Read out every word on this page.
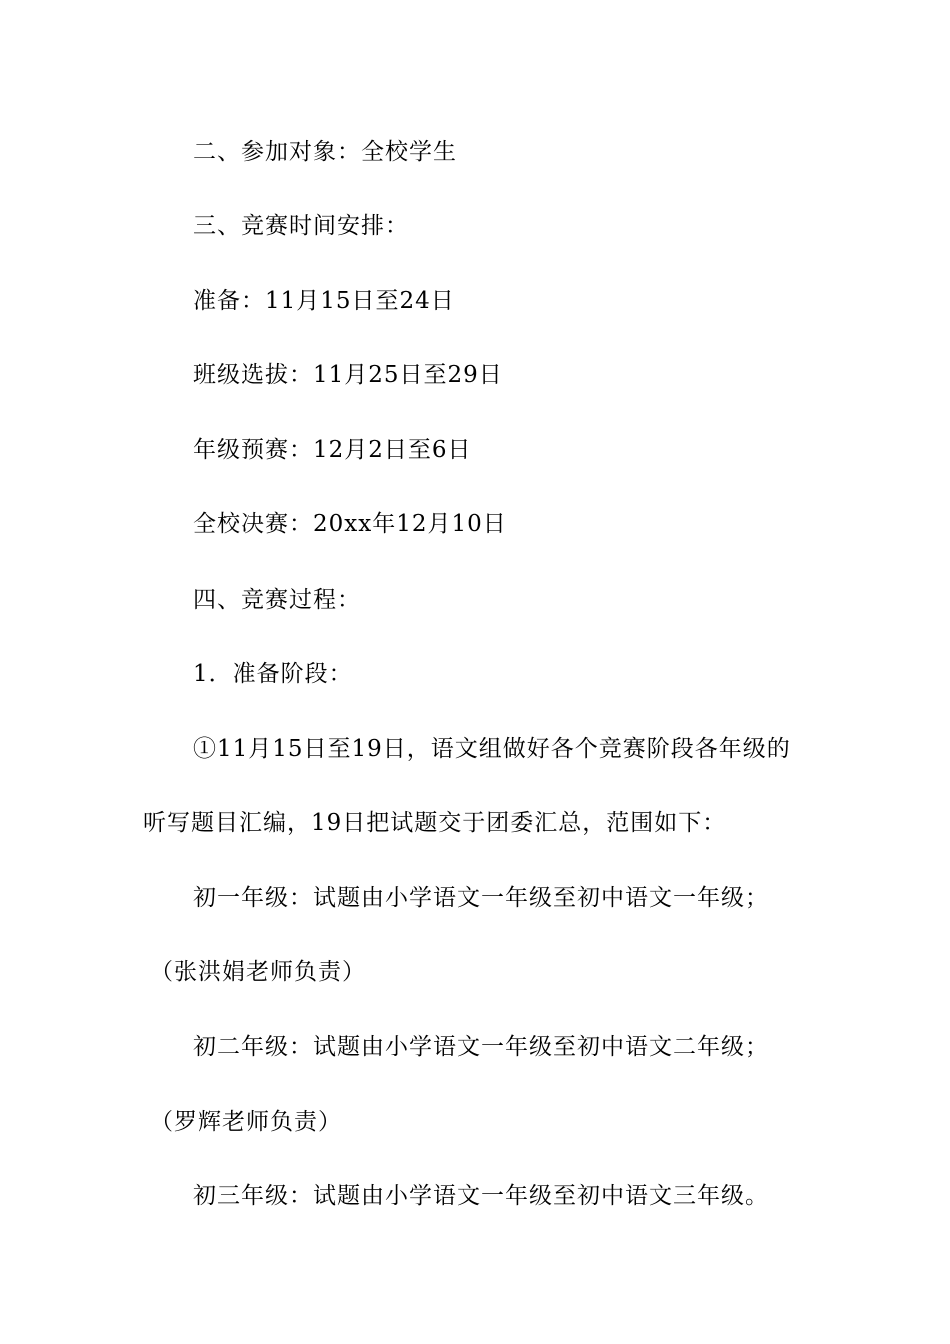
二、参加对象：全校学生
三、竞赛时间安排：
准备：11月15日至24日
班级选拔：11月25日至29日
年级预赛：12月2日至6日
全校决赛：20xx年12月10日
四、竞赛过程：
1．准备阶段：
①11月15日至19日，语文组做好各个竞赛阶段各年级的
听写题目汇编，19日把试题交于团委汇总，范围如下：
初一年级：试题由小学语文一年级至初中语文一年级；
（张洪娟老师负责）
初二年级：试题由小学语文一年级至初中语文二年级；
（罗辉老师负责）
初三年级：试题由小学语文一年级至初中语文三年级。
